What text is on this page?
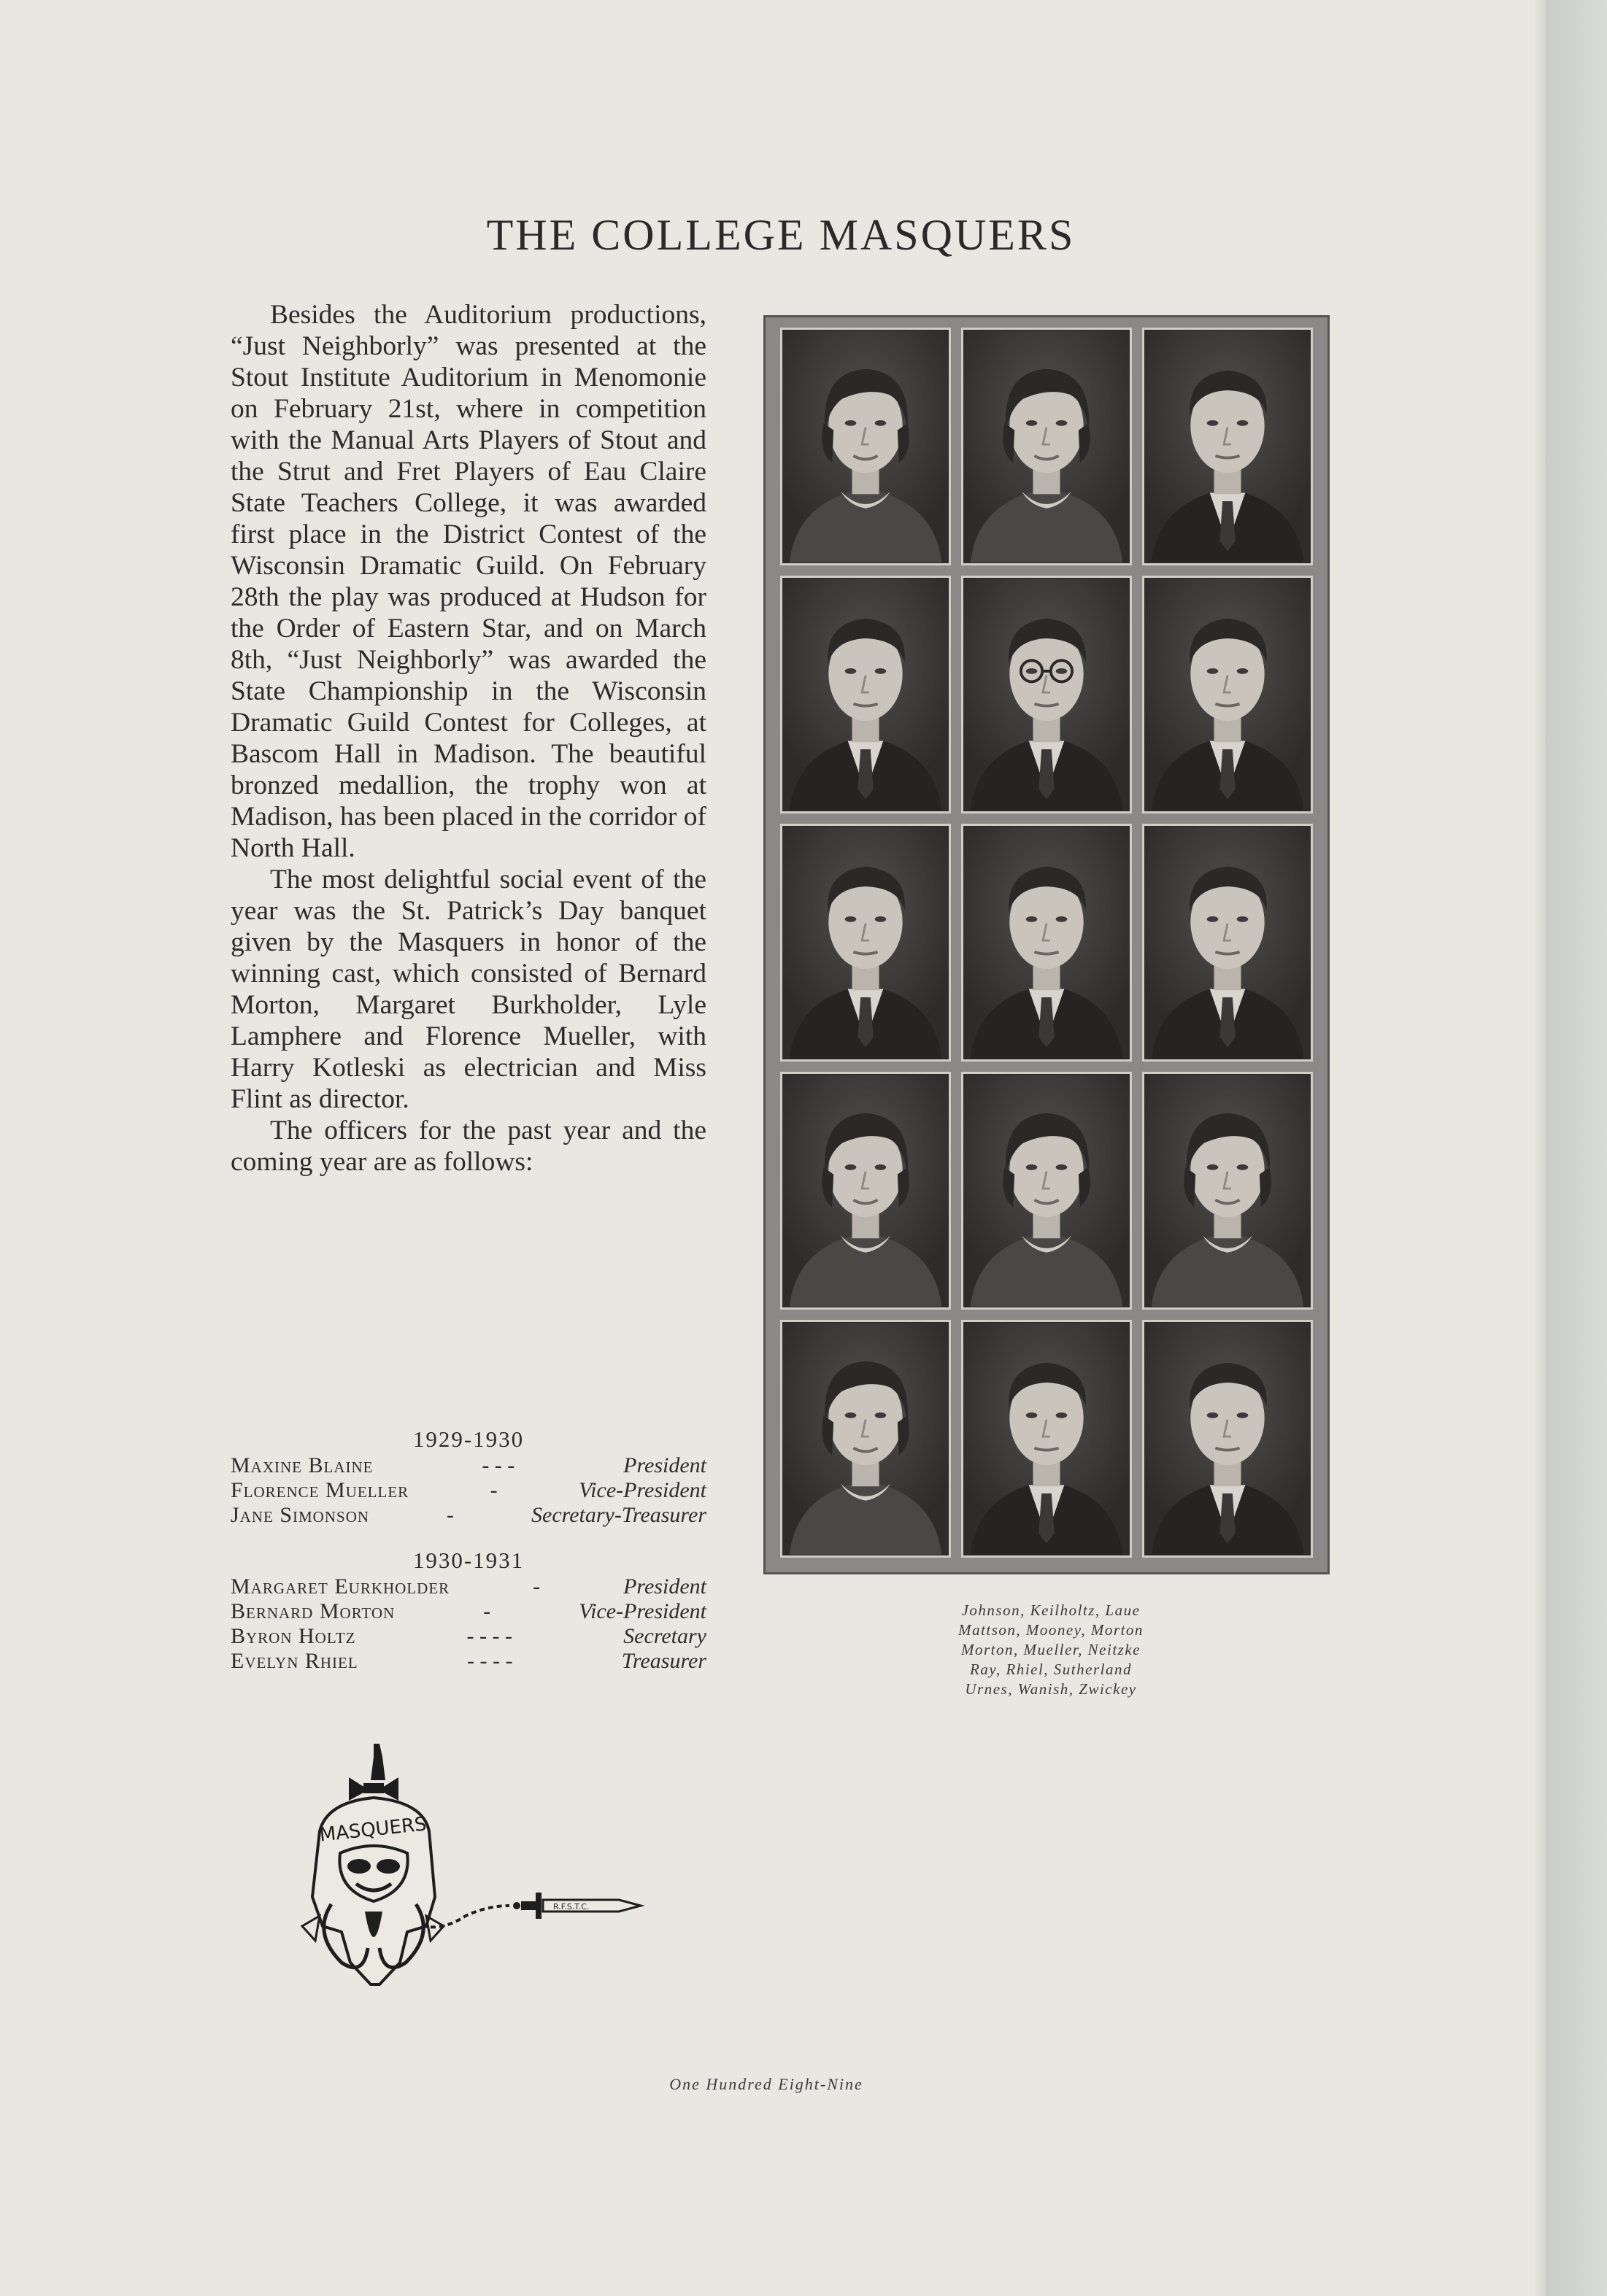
THE COLLEGE MASQUERS

Besides the Auditorium productions, “Just Neighborly” was presented at the Stout Institute Auditorium in Menomonie on February 21st, where in competition with the Manual Arts Players of Stout and the Strut and Fret Players of Eau Claire State Teachers College, it was awarded first place in the District Contest of the Wisconsin Dramatic Guild. On February 28th the play was produced at Hudson for the Order of Eastern Star, and on March 8th, “Just Neighborly” was awarded the State Championship in the Wisconsin Dramatic Guild Contest for Colleges, at Bascom Hall in Madison. The beautiful bronzed medallion, the trophy won at Madison, has been placed in the corridor of North Hall.

The most delightful social event of the year was the St. Patrick’s Day banquet given by the Masquers in honor of the winning cast, which consisted of Bernard Morton, Margaret Burkholder, Lyle Lamphere and Florence Mueller, with Harry Kotleski as electrician and Miss Flint as director.

The officers for the past year and the coming year are as follows:

1929-1930
Maxine Blaine	- - -	President
Florence Mueller	-	Vice-President
Jane Simonson	-	Secretary-Treasurer
1930-1931
Margaret Eurkholder	-	President
Bernard Morton	-	Vice-President
Byron Holtz	- - - -	Secretary
Evelyn Rhiel	- - - -	Treasurer
Johnson, Keilholtz, Laue
Mattson, Mooney, Morton
Morton, Mueller, Neitzke
Ray, Rhiel, Sutherland
Urnes, Wanish, Zwickey
MASQUERS
R.F.S.T.C.
One Hundred Eight-Nine
